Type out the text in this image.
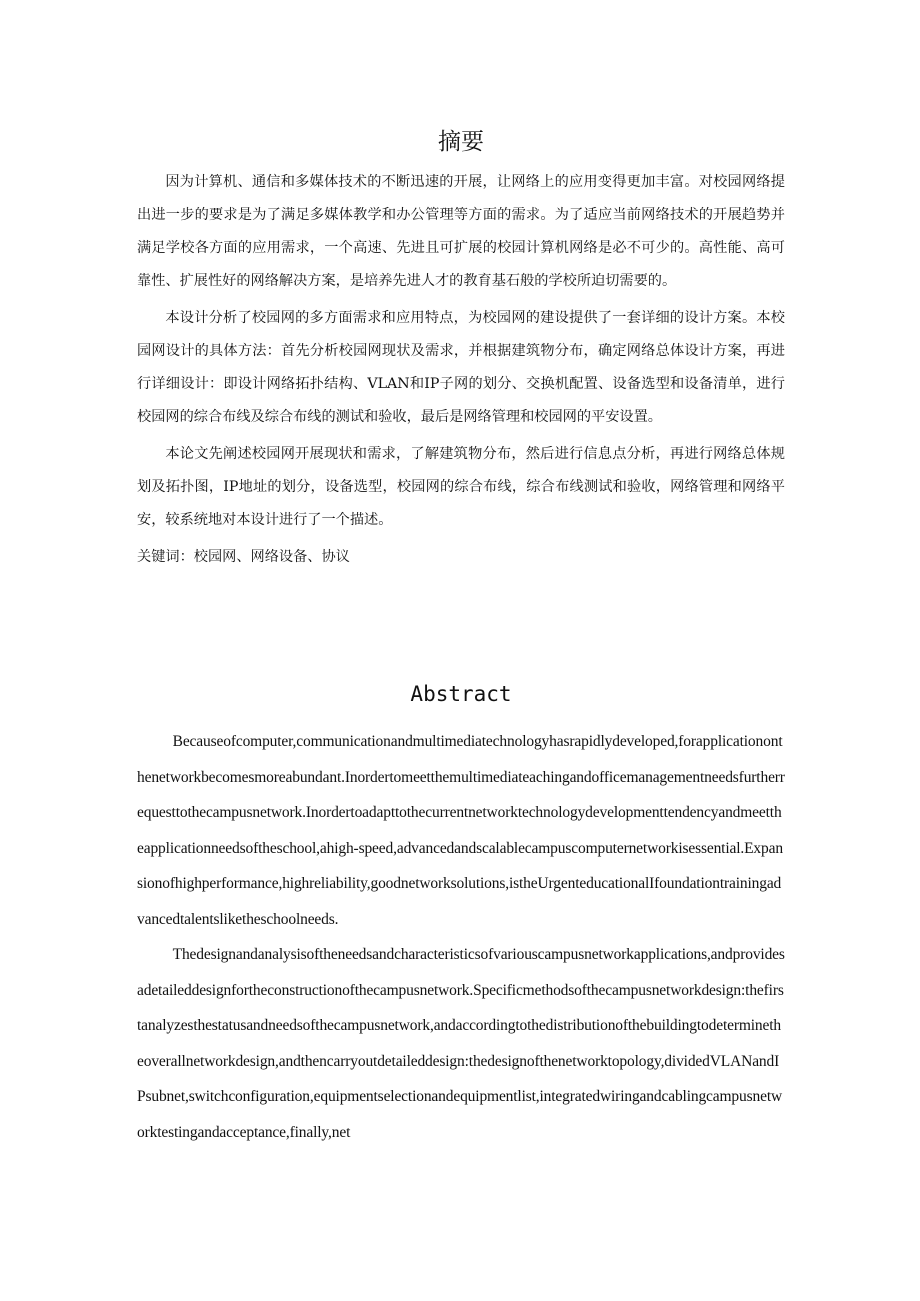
摘要

因为计算机、通信和多媒体技术的不断迅速的开展，让网络上的应用变得更加丰富。对校园网络提出进一步的要求是为了满足多媒体教学和办公管理等方面的需求。为了适应当前网络技术的开展趋势并满足学校各方面的应用需求，一个高速、先进且可扩展的校园计算机网络是必不可少的。高性能、高可靠性、扩展性好的网络解决方案，是培养先进人才的教育基石般的学校所迫切需要的。

本设计分析了校园网的多方面需求和应用特点，为校园网的建设提供了一套详细的设计方案。本校园网设计的具体方法：首先分析校园网现状及需求，并根据建筑物分布，确定网络总体设计方案，再进行详细设计：即设计网络拓扑结构、VLAN和IP子网的划分、交换机配置、设备选型和设备清单，进行校园网的综合布线及综合布线的测试和验收，最后是网络管理和校园网的平安设置。

本论文先阐述校园网开展现状和需求，了解建筑物分布，然后进行信息点分析，再进行网络总体规划及拓扑图，IP地址的划分，设备选型，校园网的综合布线，综合布线测试和验收，网络管理和网络平安，较系统地对本设计进行了一个描述。

关键词：校园网、网络设备、协议

Abstract

Becauseofcomputer,communicationandmultimediatechnologyhasrapidlydeveloped,forapplicationonthenetworkbecomesmoreabundant.Inordertomeetthemultimediateachingandofficemanagementneedsfurtherrequesttothecampusnetwork.Inordertoadapttothecurrentnetworktechnologydevelopmenttendencyandmeettheapplicationneedsoftheschool,ahigh-speed,advancedandscalablecampuscomputernetworkisessential.Expansionofhighperformance,highreliability,goodnetworksolutions,istheUrgenteducationalIfoundationtrainingadvancedtalentsliketheschoolneeds.

Thedesignandanalysisoftheneedsandcharacteristicsofvariouscampusnetworkapplications,andprovidesadetaileddesignfortheconstructionofthecampusnetwork.Specificmethodsofthecampusnetworkdesign:thefirstanalyzesthestatusandneedsofthecampusnetwork,andaccordingtothedistributionofthebuildingtodeterminetheoverallnetworkdesign,andthencarryoutdetaileddesign:thedesignofthenetworktopology,dividedVLANandIPsubnet,switchconfiguration,equipmentselectionandequipmentlist,integratedwiringandcablingcampusnetworktestingandacceptance,finally,net
